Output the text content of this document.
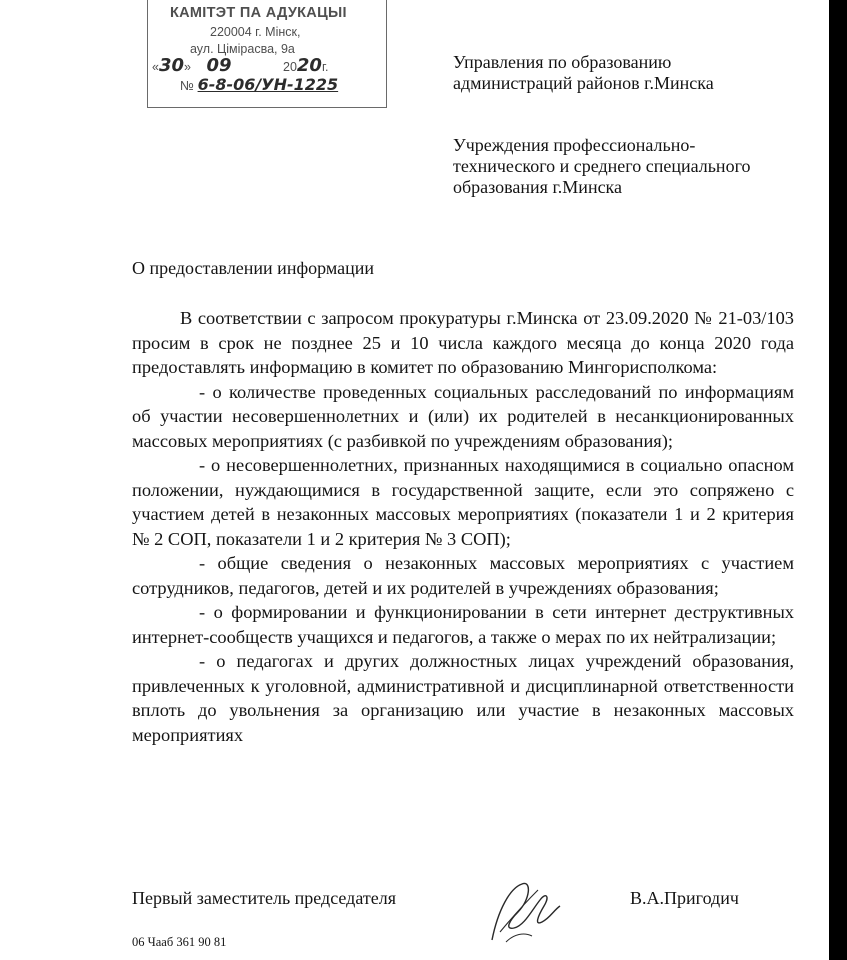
КАМІТЭТ ПА АДУКАЦЫІ
220004 г. Мінск,
аул. Цімірасва, 9а
«30» 09	2020г.
№ 6-8-06/УН-1225
Управления по образованию администраций районов г.Минска
Учреждения профессионально-технического и среднего специального образования г.Минска
О предоставлении информации

В соответствии с запросом прокуратуры г.Минска от 23.09.2020 № 21-03/103 просим в срок не позднее 25 и 10 числа каждого месяца до конца 2020 года предоставлять информацию в комитет по образованию Мингорисполкома:

- о количестве проведенных социальных расследований по информациям об участии несовершеннолетних и (или) их родителей в несанкционированных массовых мероприятиях (с разбивкой по учреждениям образования);

- о несовершеннолетних, признанных находящимися в социально опасном положении, нуждающимися в государственной защите, если это сопряжено с участием детей в незаконных массовых мероприятиях (показатели 1 и 2 критерия № 2 СОП, показатели 1 и 2 критерия № 3 СОП);

- общие сведения о незаконных массовых мероприятиях с участием сотрудников, педагогов, детей и их родителей в учреждениях образования;

- о формировании и функционировании в сети интернет деструктивных интернет-сообществ учащихся и педагогов, а также о мерах по их нейтрализации;

- о педагогах и других должностных лицах учреждений образования, привлеченных к уголовной, административной и дисциплинарной ответственности вплоть до увольнения за организацию или участие в незаконных массовых мероприятиях

Первый заместитель председателя	В.А.Пригодич
06 Чааб 361 90 81
